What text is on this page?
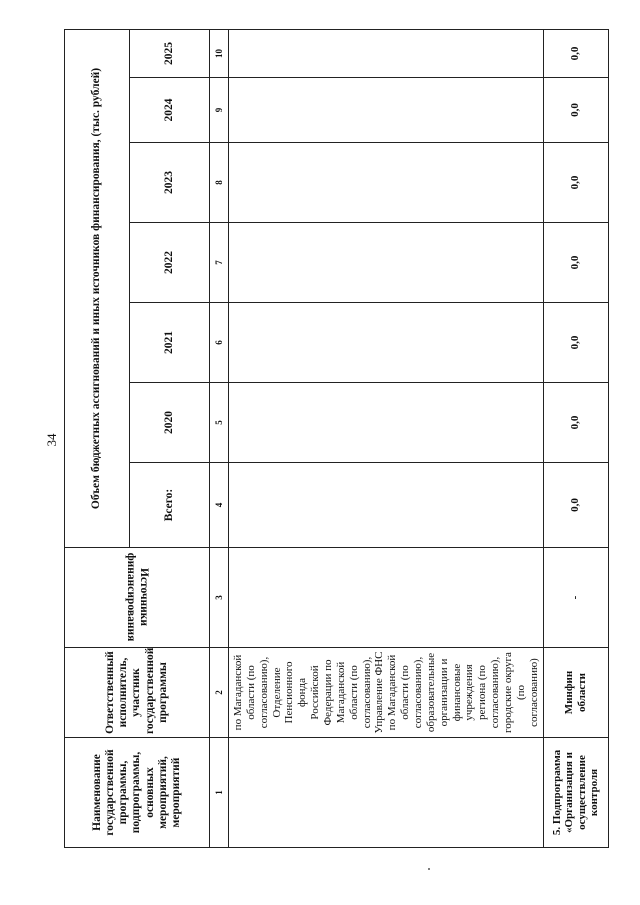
34
Наименование государственной программы, подпрограммы, основных мероприятий, мероприятий	Ответственный исполнитель, участник государственной программы	Источники финансирования	Объем бюджетных ассигнований и иных источников финансирования, (тыс. рублей)						
			Всего:	2020	2021	2022	2023	2024	2025
1	2	3	4	5	6	7	8	9	10
	по Магаданской области (по согласованию), Отделение Пенсионного фонда Российской Федерации по Магаданской области (по согласованию), Управление ФНС по Магаданской области (по согласованию), образовательные организации и финансовые учреждения региона (по согласованию), городские округа (по согласованию)								
5. Подпрограмма «Организация и осуществление контроля	Минфин области	-	0,0	0,0	0,0	0,0	0,0	0,0	0,0
